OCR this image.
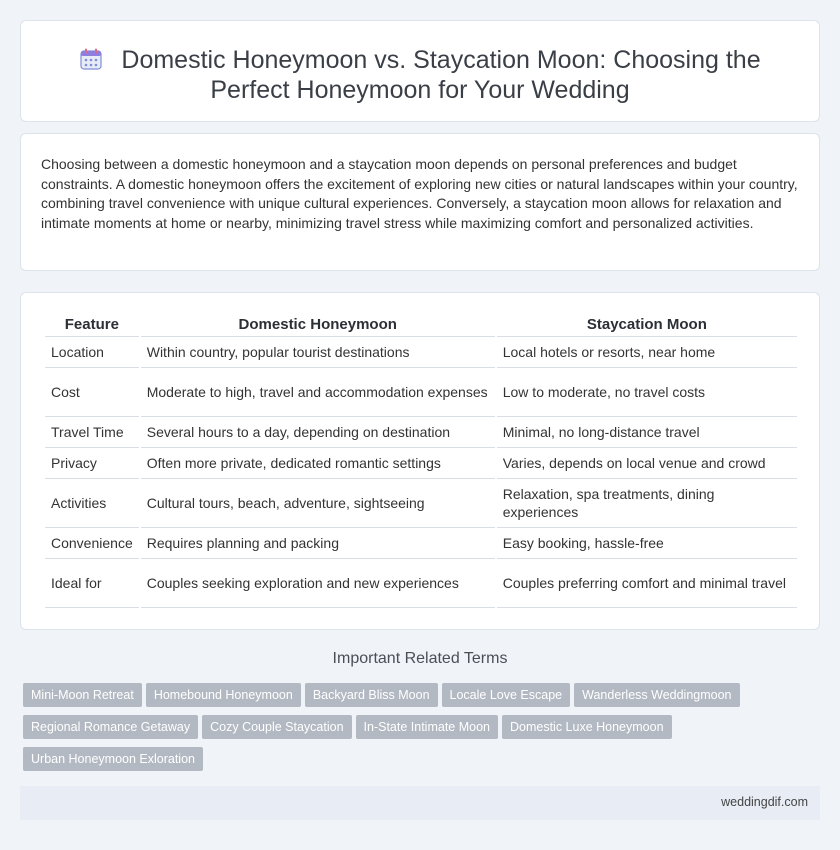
Domestic Honeymoon vs. Staycation Moon: Choosing the Perfect Honeymoon for Your Wedding

Choosing between a domestic honeymoon and a staycation moon depends on personal preferences and budget constraints. A domestic honeymoon offers the excitement of exploring new cities or natural landscapes within your country, combining travel convenience with unique cultural experiences. Conversely, a staycation moon allows for relaxation and intimate moments at home or nearby, minimizing travel stress while maximizing comfort and personalized activities.

Feature	Domestic Honeymoon	Staycation Moon
Location	Within country, popular tourist destinations	Local hotels or resorts, near home
Cost	Moderate to high, travel and accommodation expenses	Low to moderate, no travel costs
Travel Time	Several hours to a day, depending on destination	Minimal, no long-distance travel
Privacy	Often more private, dedicated romantic settings	Varies, depends on local venue and crowd
Activities	Cultural tours, beach, adventure, sightseeing	Relaxation, spa treatments, dining experiences
Convenience	Requires planning and packing	Easy booking, hassle-free
Ideal for	Couples seeking exploration and new experiences	Couples preferring comfort and minimal travel
Important Related Terms
Mini-Moon Retreat Homebound Honeymoon Backyard Bliss Moon Locale Love Escape Wanderless Weddingmoon
Regional Romance Getaway Cozy Couple Staycation In-State Intimate Moon Domestic Luxe Honeymoon
Urban Honeymoon Exloration
weddingdif.com
